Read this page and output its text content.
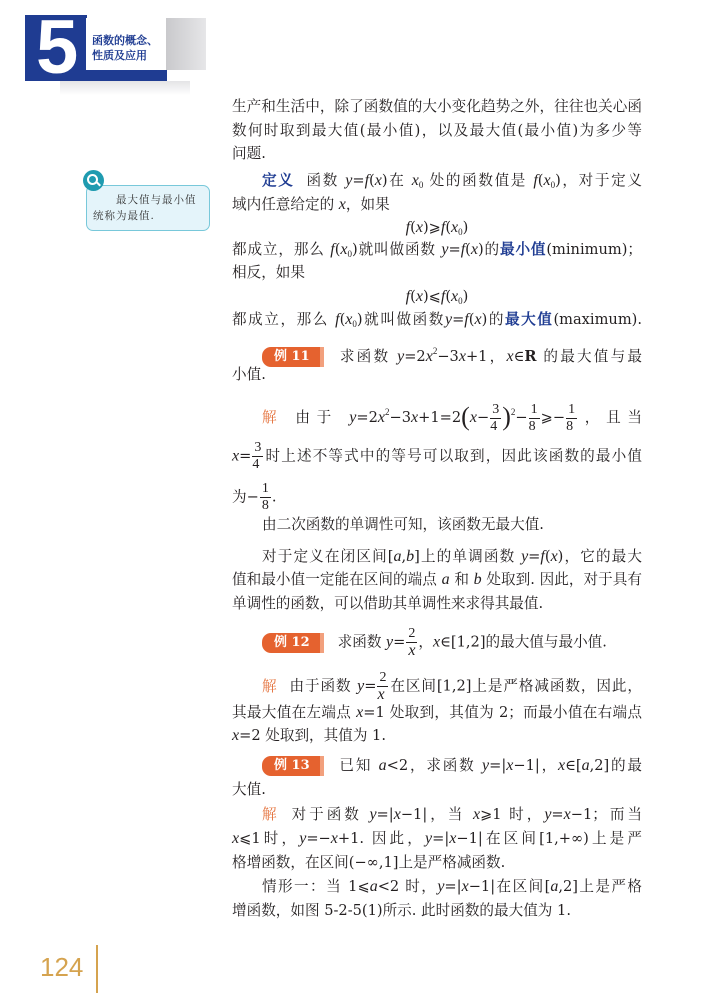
5 函数的概念、
性质及应用
　　最大值与最小值统称为最值.
生产和生活中，除了函数值的大小变化趋势之外，往往也关心函
数何时取到最大值(最小值)，以及最大值(最小值)为多少等
问题.
定义 函数 y=f(x)在 $x_0$ 处的函数值是 $f(x_0)$，对于定义
域内任意给定的 x，如果
$f(x)⩾f(x_0)$
都成立，那么 $f(x_0)$就叫做函数 y=f(x)的最小值(minimum)；
相反，如果
$f(x)⩽f(x_0)$
都成立，那么 $f(x_0)$就叫做函数y=f(x)的最大值(maximum).
例 11 求函数 $y=2x^2-3x+1$，x∈R 的最大值与最
小值.
解 由于 $y=2x^2-3x+1=2(x- \frac{3}{4} )^2- \frac{1}{8}$ ⩾− $\frac{1}{8}$ ，且当
$x= \frac{3}{4}$ 时上述不等式中的等号可以取到，因此该函数的最小值
为− $\frac{1}{8}$ .
由二次函数的单调性可知，该函数无最大值.
对于定义在闭区间[a,b]上的单调函数 y=f(x)，它的最大
值和最小值一定能在区间的端点 a 和 b 处取到. 因此，对于具有
单调性的函数，可以借助其单调性来求得其最值.
例 12 求函数 $y= \frac{2}{x}$ ，x∈[1,2]的最大值与最小值.
解 由于函数 $y= \frac{2}{x}$ 在区间[1,2]上是严格减函数，因此，
其最大值在左端点 x=1 处取到，其值为 2；而最小值在右端点
x=2 处取到，其值为 1.
例 13 已知 a<2，求函数 y=|x−1|，x∈[a,2]的最
大值.
解 对于函数 y=|x−1|，当 x⩾1 时，y=x−1；而当
x⩽1时，y=−x+1. 因此，y=|x−1|在区间[1,+∞)上是严
格增函数，在区间(−∞,1]上是严格减函数.
情形一：当 1⩽a<2 时，y=|x−1|在区间[a,2]上是严格
增函数，如图 5-2-5(1)所示. 此时函数的最大值为 1.
124
